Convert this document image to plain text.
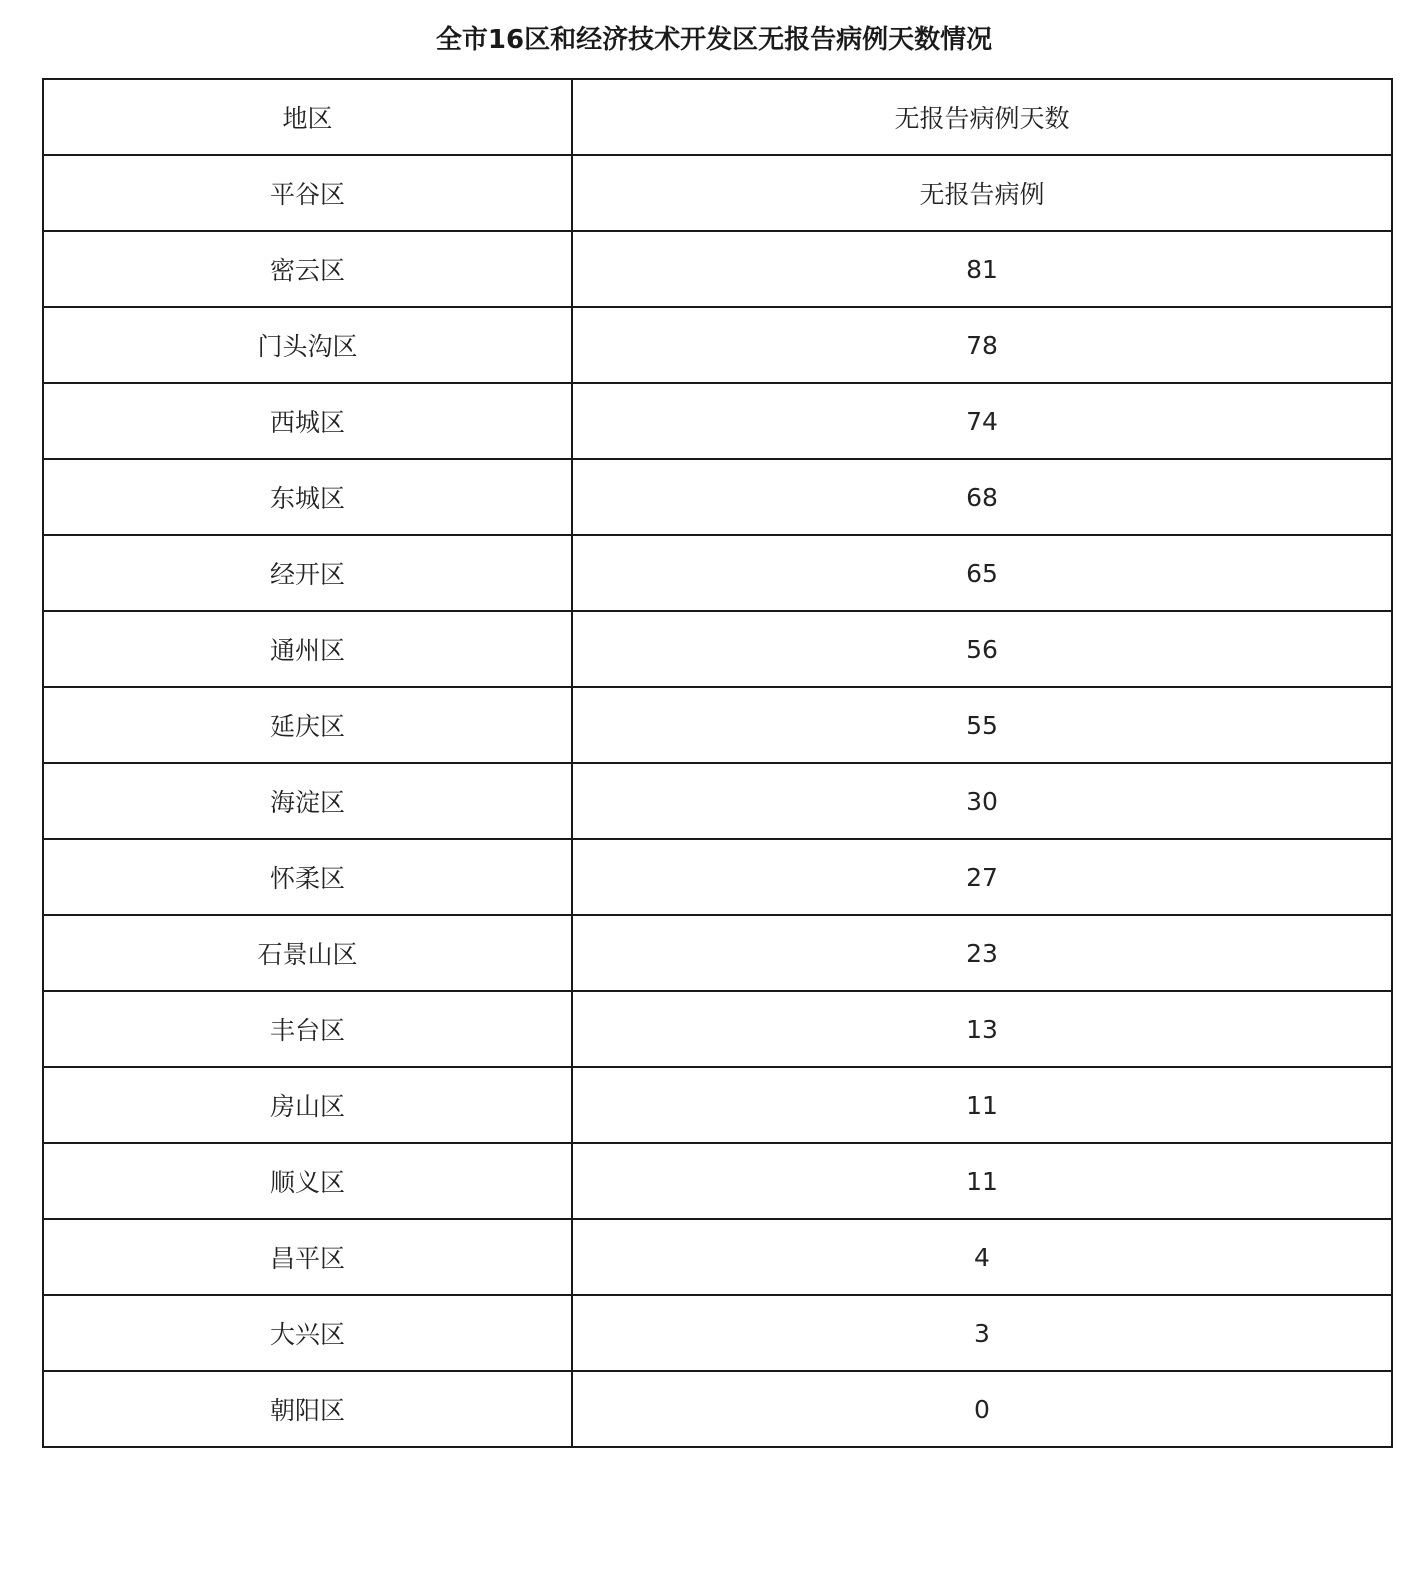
全市16区和经济技术开发区无报告病例天数情况
地区	无报告病例天数
平谷区	无报告病例
密云区	81
门头沟区	78
西城区	74
东城区	68
经开区	65
通州区	56
延庆区	55
海淀区	30
怀柔区	27
石景山区	23
丰台区	13
房山区	11
顺义区	11
昌平区	4
大兴区	3
朝阳区	0
